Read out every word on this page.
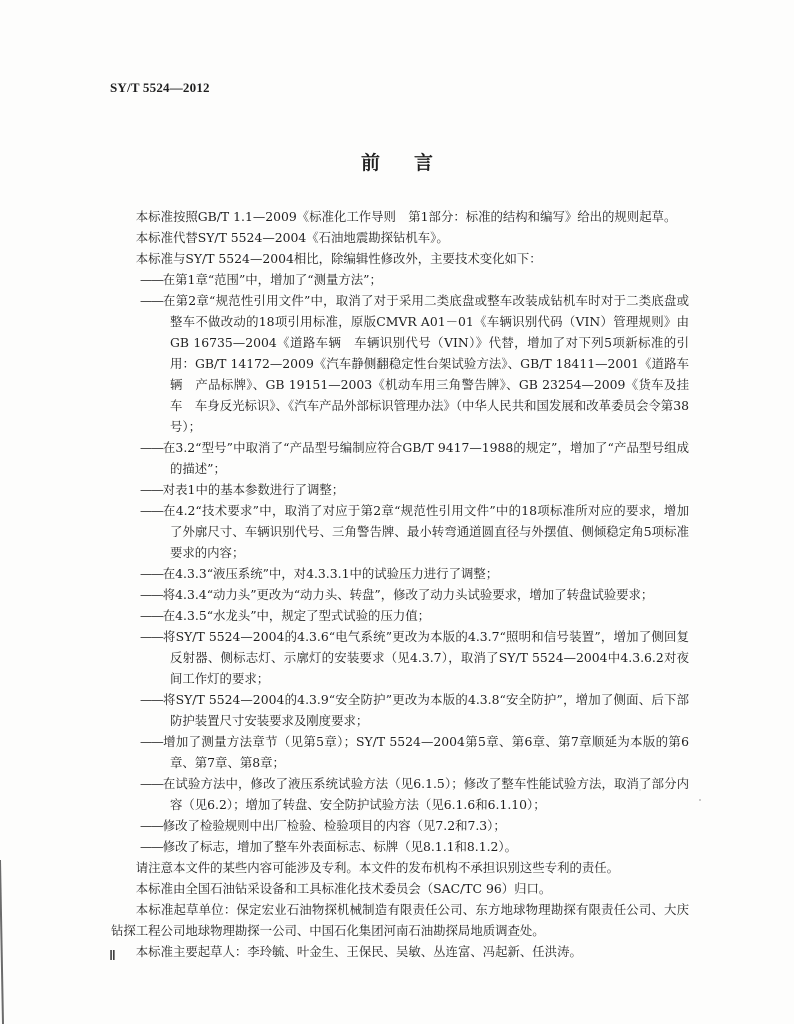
SY/T 5524—2012
前言

本标准按照GB/T 1.1—2009《标准化工作导则　第1部分：标准的结构和编写》给出的规则起草。

本标准代替SY/T 5524—2004《石油地震勘探钻机车》。

本标准与SY/T 5524—2004相比，除编辑性修改外，主要技术变化如下：

——在第1章“范围”中，增加了“测量方法”；

——在第2章“规范性引用文件”中，取消了对于采用二类底盘或整车改装成钻机车时对于二类底盘或整车不做改动的18项引用标准，原版CMVR A01－01《车辆识别代码（VIN）管理规则》由GB 16735—2004《道路车辆　车辆识别代号（VIN）》代替，增加了对下列5项新标准的引用：GB/T 14172—2009《汽车静侧翻稳定性台架试验方法》、GB/T 18411—2001《道路车辆　产品标牌》、GB 19151—2003《机动车用三角警告牌》、GB 23254—2009《货车及挂车　车身反光标识》、《汽车产品外部标识管理办法》（中华人民共和国发展和改革委员会令第38号）；

——在3.2“型号”中取消了“产品型号编制应符合GB/T 9417—1988的规定”，增加了“产品型号组成的描述”；

——对表1中的基本参数进行了调整；

——在4.2“技术要求”中，取消了对应于第2章“规范性引用文件”中的18项标准所对应的要求，增加了外廓尺寸、车辆识别代号、三角警告牌、最小转弯通道圆直径与外摆值、侧倾稳定角5项标准要求的内容；

——在4.3.3“液压系统”中，对4.3.3.1中的试验压力进行了调整；

——将4.3.4“动力头”更改为“动力头、转盘”，修改了动力头试验要求，增加了转盘试验要求；

——在4.3.5“水龙头”中，规定了型式试验的压力值；

——将SY/T 5524—2004的4.3.6“电气系统”更改为本版的4.3.7“照明和信号装置”，增加了侧回复反射器、侧标志灯、示廓灯的安装要求（见4.3.7），取消了SY/T 5524—2004中4.3.6.2对夜间工作灯的要求；

——将SY/T 5524—2004的4.3.9“安全防护”更改为本版的4.3.8“安全防护”，增加了侧面、后下部防护装置尺寸安装要求及刚度要求；

——增加了测量方法章节（见第5章）；SY/T 5524—2004第5章、第6章、第7章顺延为本版的第6章、第7章、第8章；

——在试验方法中，修改了液压系统试验方法（见6.1.5）；修改了整车性能试验方法，取消了部分内容（见6.2）；增加了转盘、安全防护试验方法（见6.1.6和6.1.10）；

——修改了检验规则中出厂检验、检验项目的内容（见7.2和7.3）；

——修改了标志，增加了整车外表面标志、标牌（见8.1.1和8.1.2）。

请注意本文件的某些内容可能涉及专利。本文件的发布机构不承担识别这些专利的责任。

本标准由全国石油钻采设备和工具标准化技术委员会（SAC/TC 96）归口。

本标准起草单位：保定宏业石油物探机械制造有限责任公司、东方地球物理勘探有限责任公司、大庆钻探工程公司地球物理勘探一公司、中国石化集团河南石油勘探局地质调查处。

本标准主要起草人：李玲毓、叶金生、王保民、吴敏、丛连富、冯起新、任洪涛。

Ⅱ
